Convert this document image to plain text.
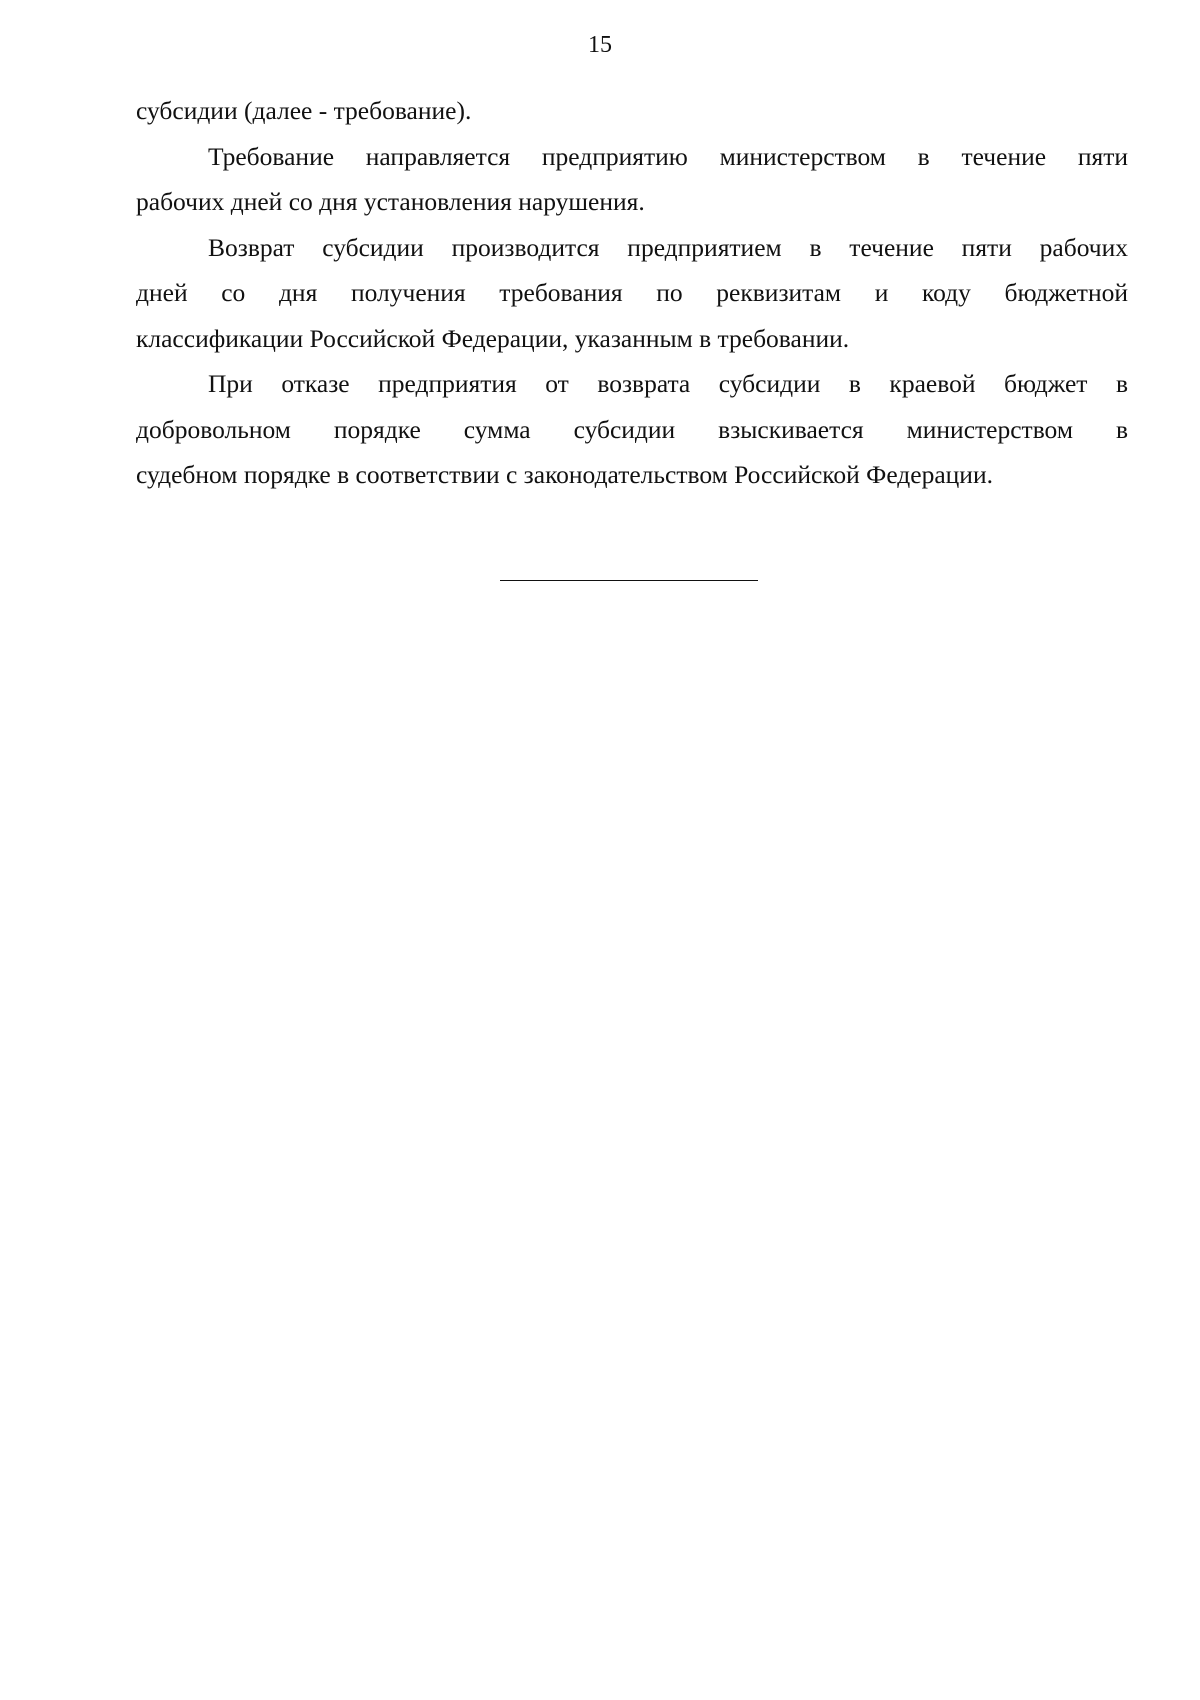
15

субсидии (далее - требование).

Требование направляется предприятию министерством в течение пяти
рабочих дней со дня установления нарушения.

Возврат субсидии производится предприятием в течение пяти рабочих
дней со дня получения требования по реквизитам и коду бюджетной
классификации Российской Федерации, указанным в требовании.

При отказе предприятия от возврата субсидии в краевой бюджет в
добровольном порядке сумма субсидии взыскивается министерством в
судебном порядке в соответствии с законодательством Российской Федерации.
